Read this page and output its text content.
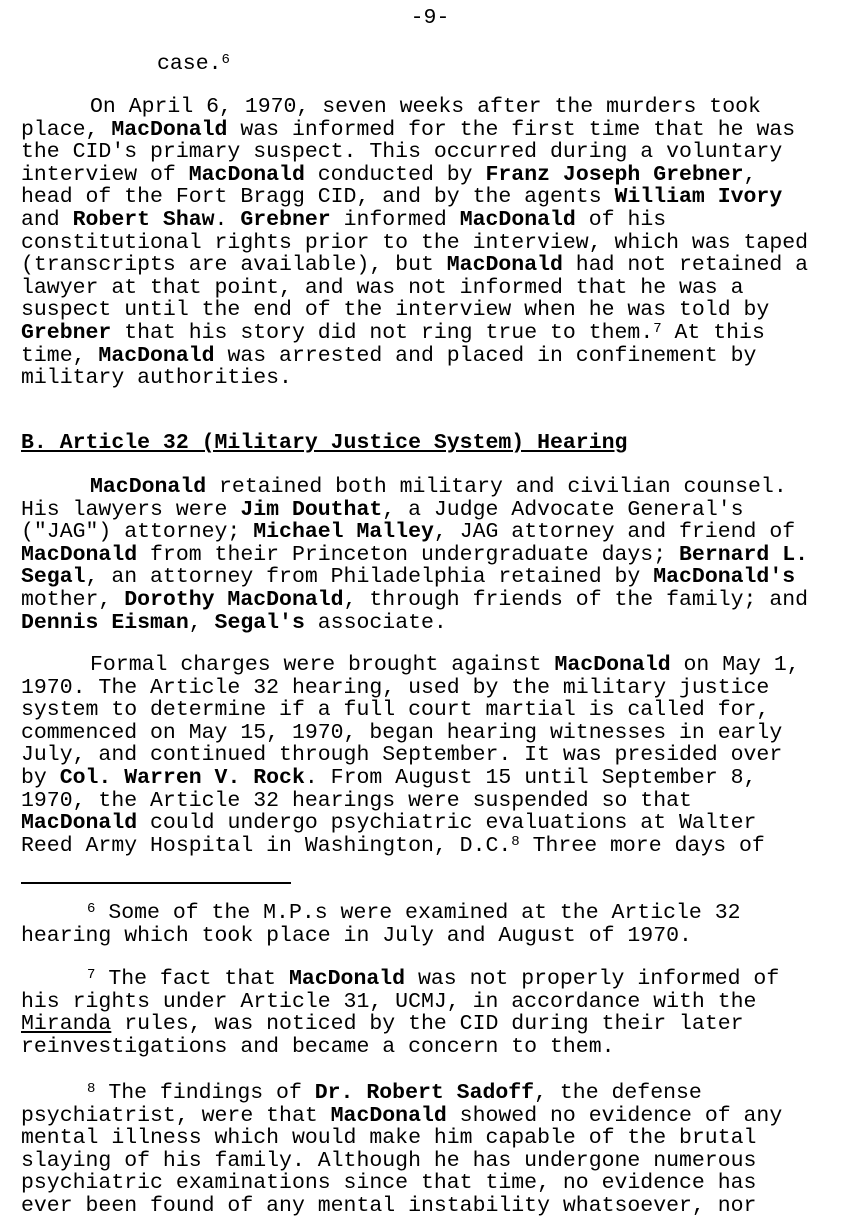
-9-
case.$^6$
On April 6, 1970, seven weeks after the murders took
place, MacDonald was informed for the first time that he was
the CID's primary suspect. This occurred during a voluntary
interview of MacDonald conducted by Franz Joseph Grebner,
head of the Fort Bragg CID, and by the agents William Ivory
and Robert Shaw. Grebner informed MacDonald of his
constitutional rights prior to the interview, which was taped
(transcripts are available), but MacDonald had not retained a
lawyer at that point, and was not informed that he was a
suspect until the end of the interview when he was told by
Grebner that his story did not ring true to them.$^7$ At this
time, MacDonald was arrested and placed in confinement by
military authorities.
B. Article 32 (Military Justice System) Hearing
MacDonald retained both military and civilian counsel.
His lawyers were Jim Douthat, a Judge Advocate General's
("JAG") attorney; Michael Malley, JAG attorney and friend of
MacDonald from their Princeton undergraduate days; Bernard L.
Segal, an attorney from Philadelphia retained by MacDonald's
mother, Dorothy MacDonald, through friends of the family; and
Dennis Eisman, Segal's associate.
Formal charges were brought against MacDonald on May 1,
1970. The Article 32 hearing, used by the military justice
system to determine if a full court martial is called for,
commenced on May 15, 1970, began hearing witnesses in early
July, and continued through September. It was presided over
by Col. Warren V. Rock. From August 15 until September 8,
1970, the Article 32 hearings were suspended so that
MacDonald could undergo psychiatric evaluations at Walter
Reed Army Hospital in Washington, D.C.$^8$ Three more days of
$^6$ Some of the M.P.s were examined at the Article 32
hearing which took place in July and August of 1970.
$^7$ The fact that MacDonald was not properly informed of
his rights under Article 31, UCMJ, in accordance with the
Miranda rules, was noticed by the CID during their later
reinvestigations and became a concern to them.
$^8$ The findings of Dr. Robert Sadoff, the defense
psychiatrist, were that MacDonald showed no evidence of any
mental illness which would make him capable of the brutal
slaying of his family. Although he has undergone numerous
psychiatric examinations since that time, no evidence has
ever been found of any mental instability whatsoever, nor
